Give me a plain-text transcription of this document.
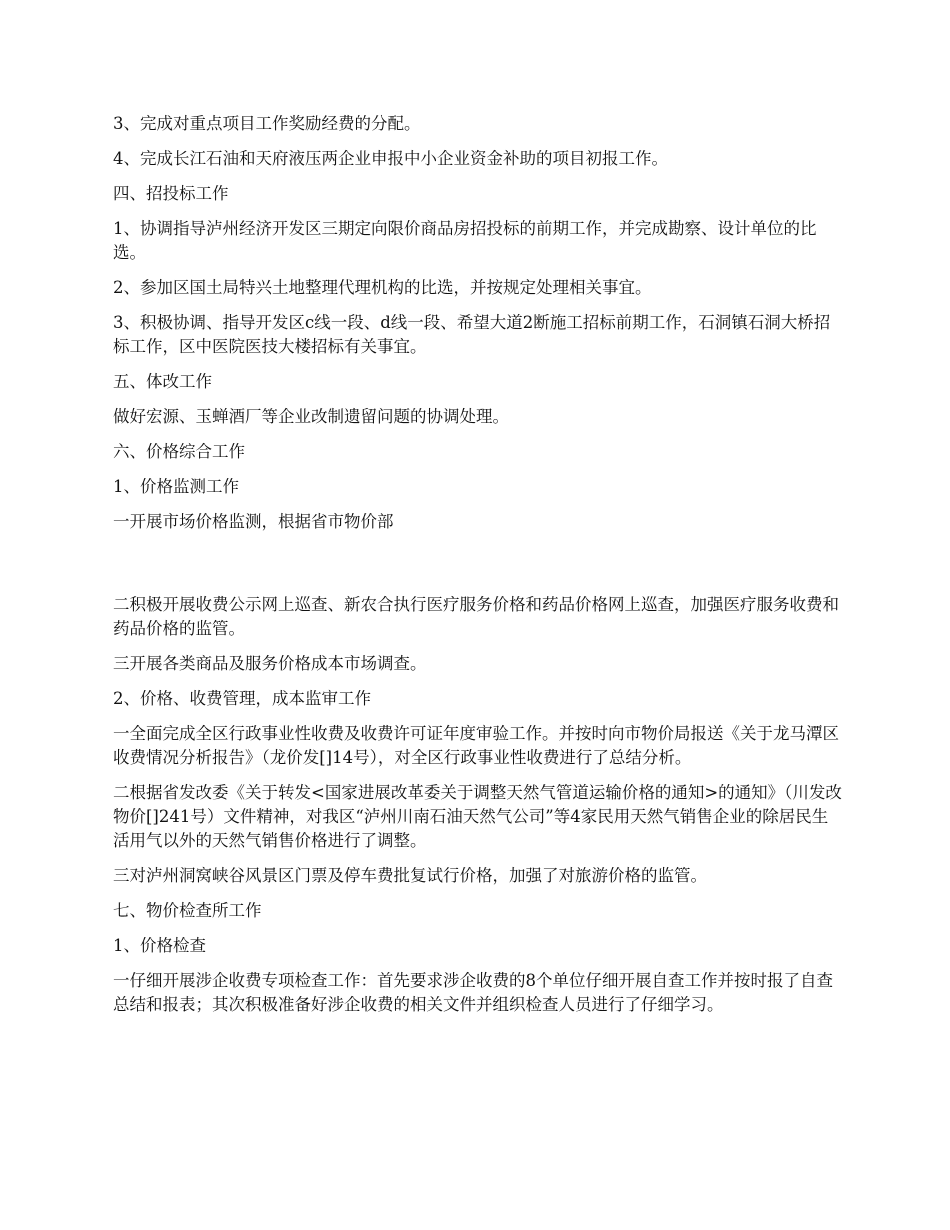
3、完成对重点项目工作奖励经费的分配。

4、完成长江石油和天府液压两企业申报中小企业资金补助的项目初报工作。

四、招投标工作

1、协调指导泸州经济开发区三期定向限价商品房招投标的前期工作，并完成勘察、设计单位的比选。

2、参加区国土局特兴土地整理代理机构的比选，并按规定处理相关事宜。

3、积极协调、指导开发区c线一段、d线一段、希望大道2断施工招标前期工作，石洞镇石洞大桥招标工作，区中医院医技大楼招标有关事宜。

五、体改工作

做好宏源、玉蝉酒厂等企业改制遗留问题的协调处理。

六、价格综合工作

1、价格监测工作

一开展市场价格监测，根据省市物价部

二积极开展收费公示网上巡查、新农合执行医疗服务价格和药品价格网上巡查，加强医疗服务收费和药品价格的监管。

三开展各类商品及服务价格成本市场调查。

2、价格、收费管理，成本监审工作

一全面完成全区行政事业性收费及收费许可证年度审验工作。并按时向市物价局报送《关于龙马潭区收费情况分析报告》（龙价发[]14号），对全区行政事业性收费进行了总结分析。

二根据省发改委《关于转发<国家进展改革委关于调整天然气管道运输价格的通知>的通知》（川发改物价[]241号）文件精神，对我区“泸州川南石油天然气公司”等4家民用天然气销售企业的除居民生活用气以外的天然气销售价格进行了调整。

三对泸州洞窝峡谷风景区门票及停车费批复试行价格，加强了对旅游价格的监管。

七、物价检查所工作

1、价格检查

一仔细开展涉企收费专项检查工作：首先要求涉企收费的8个单位仔细开展自查工作并按时报了自查总结和报表；其次积极准备好涉企收费的相关文件并组织检查人员进行了仔细学习。
